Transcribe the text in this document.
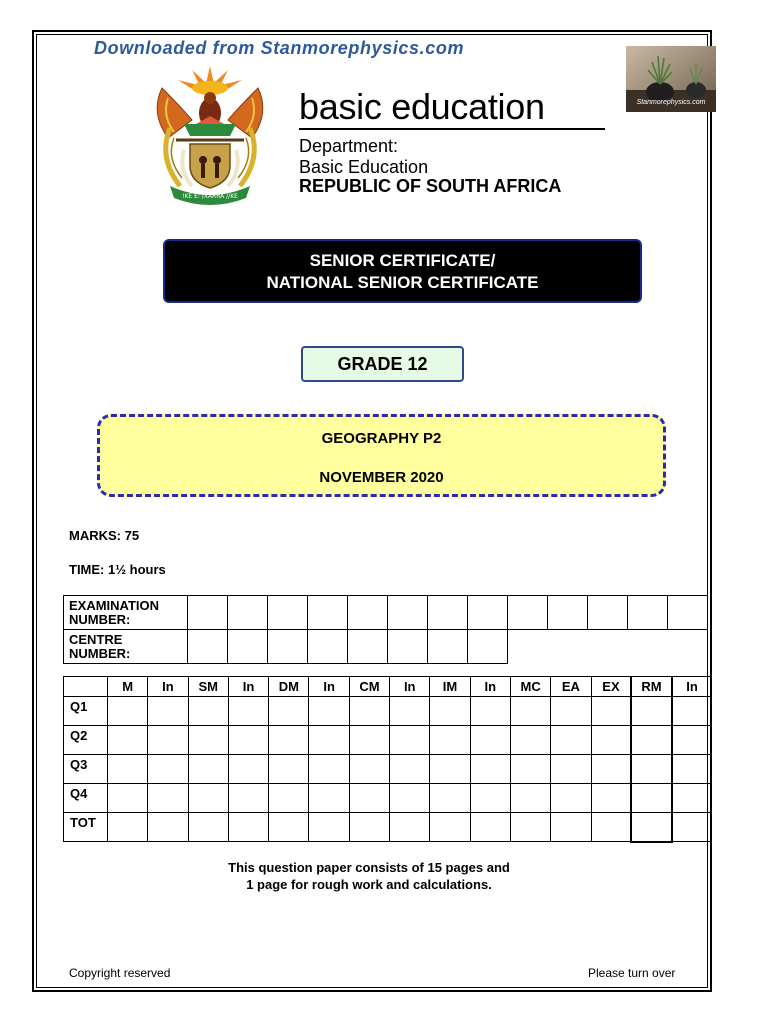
Downloaded from Stanmorephysics.com
!KE E: /XARRA //KE
Stanmorephysics.com
basic education
Department:
Basic Education
REPUBLIC OF SOUTH AFRICA
SENIOR CERTIFICATE/
NATIONAL SENIOR CERTIFICATE
GRADE 12
GEOGRAPHY P2
NOVEMBER 2020
MARKS: 75
TIME: 1½ hours
EXAMINATION
NUMBER:													

CENTRE
NUMBER:													

	M	In	SM	In	DM	In	CM	In	IM	In	MC	EA	EX	RM	In
Q1															
Q2															
Q3															
Q4															
TOT															
This question paper consists of 15 pages and
1 page for rough work and calculations.
Copyright reserved	Please turn over
